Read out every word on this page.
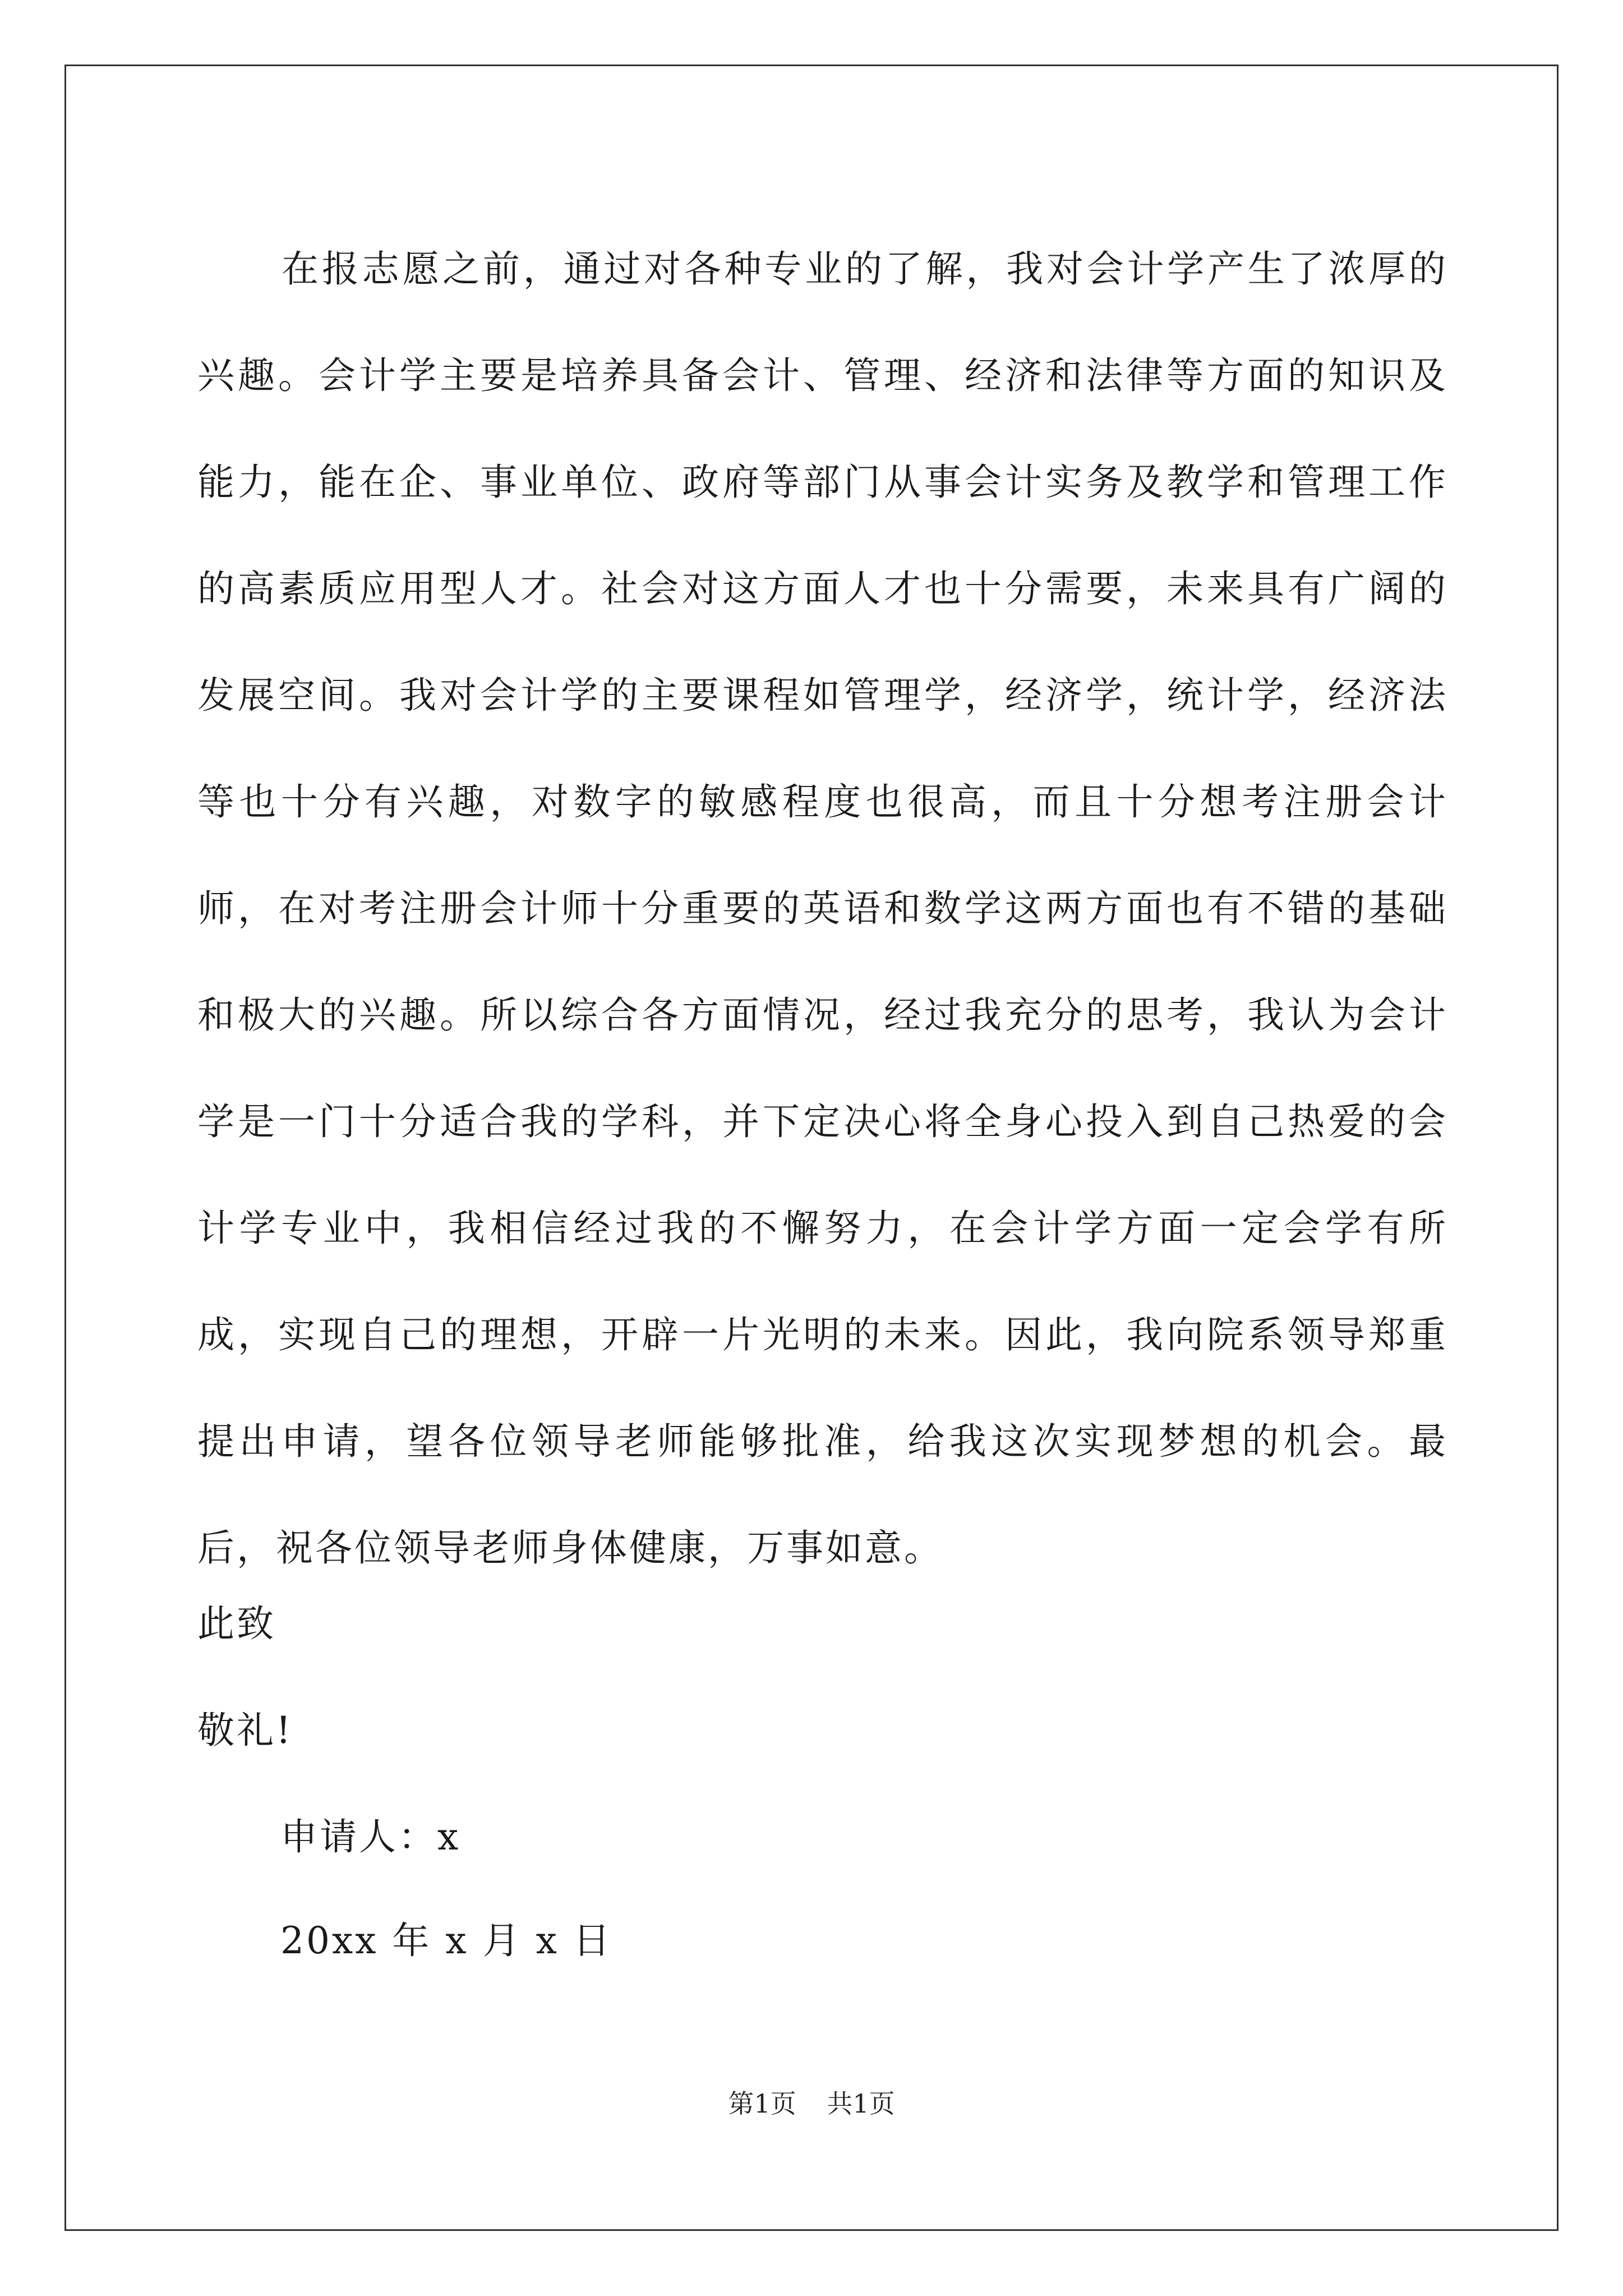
在报志愿之前，通过对各种专业的了解，我对会计学产生了浓厚的兴趣。会计学主要是培养具备会计、管理、经济和法律等方面的知识及能力，能在企、事业单位、政府等部门从事会计实务及教学和管理工作的高素质应用型人才。社会对这方面人才也十分需要，未来具有广阔的发展空间。我对会计学的主要课程如管理学，经济学，统计学，经济法等也十分有兴趣，对数字的敏感程度也很高，而且十分想考注册会计师，在对考注册会计师十分重要的英语和数学这两方面也有不错的基础和极大的兴趣。所以综合各方面情况，经过我充分的思考，我认为会计学是一门十分适合我的学科，并下定决心将全身心投入到自己热爱的会计学专业中，我相信经过我的不懈努力，在会计学方面一定会学有所成，实现自己的理想，开辟一片光明的未来。因此，我向院系领导郑重提出申请，望各位领导老师能够批准，给我这次实现梦想的机会。最后，祝各位领导老师身体健康，万事如意。

此致

敬礼!

申请人：x

20xx 年 x 月 x 日

第1页 共1页
